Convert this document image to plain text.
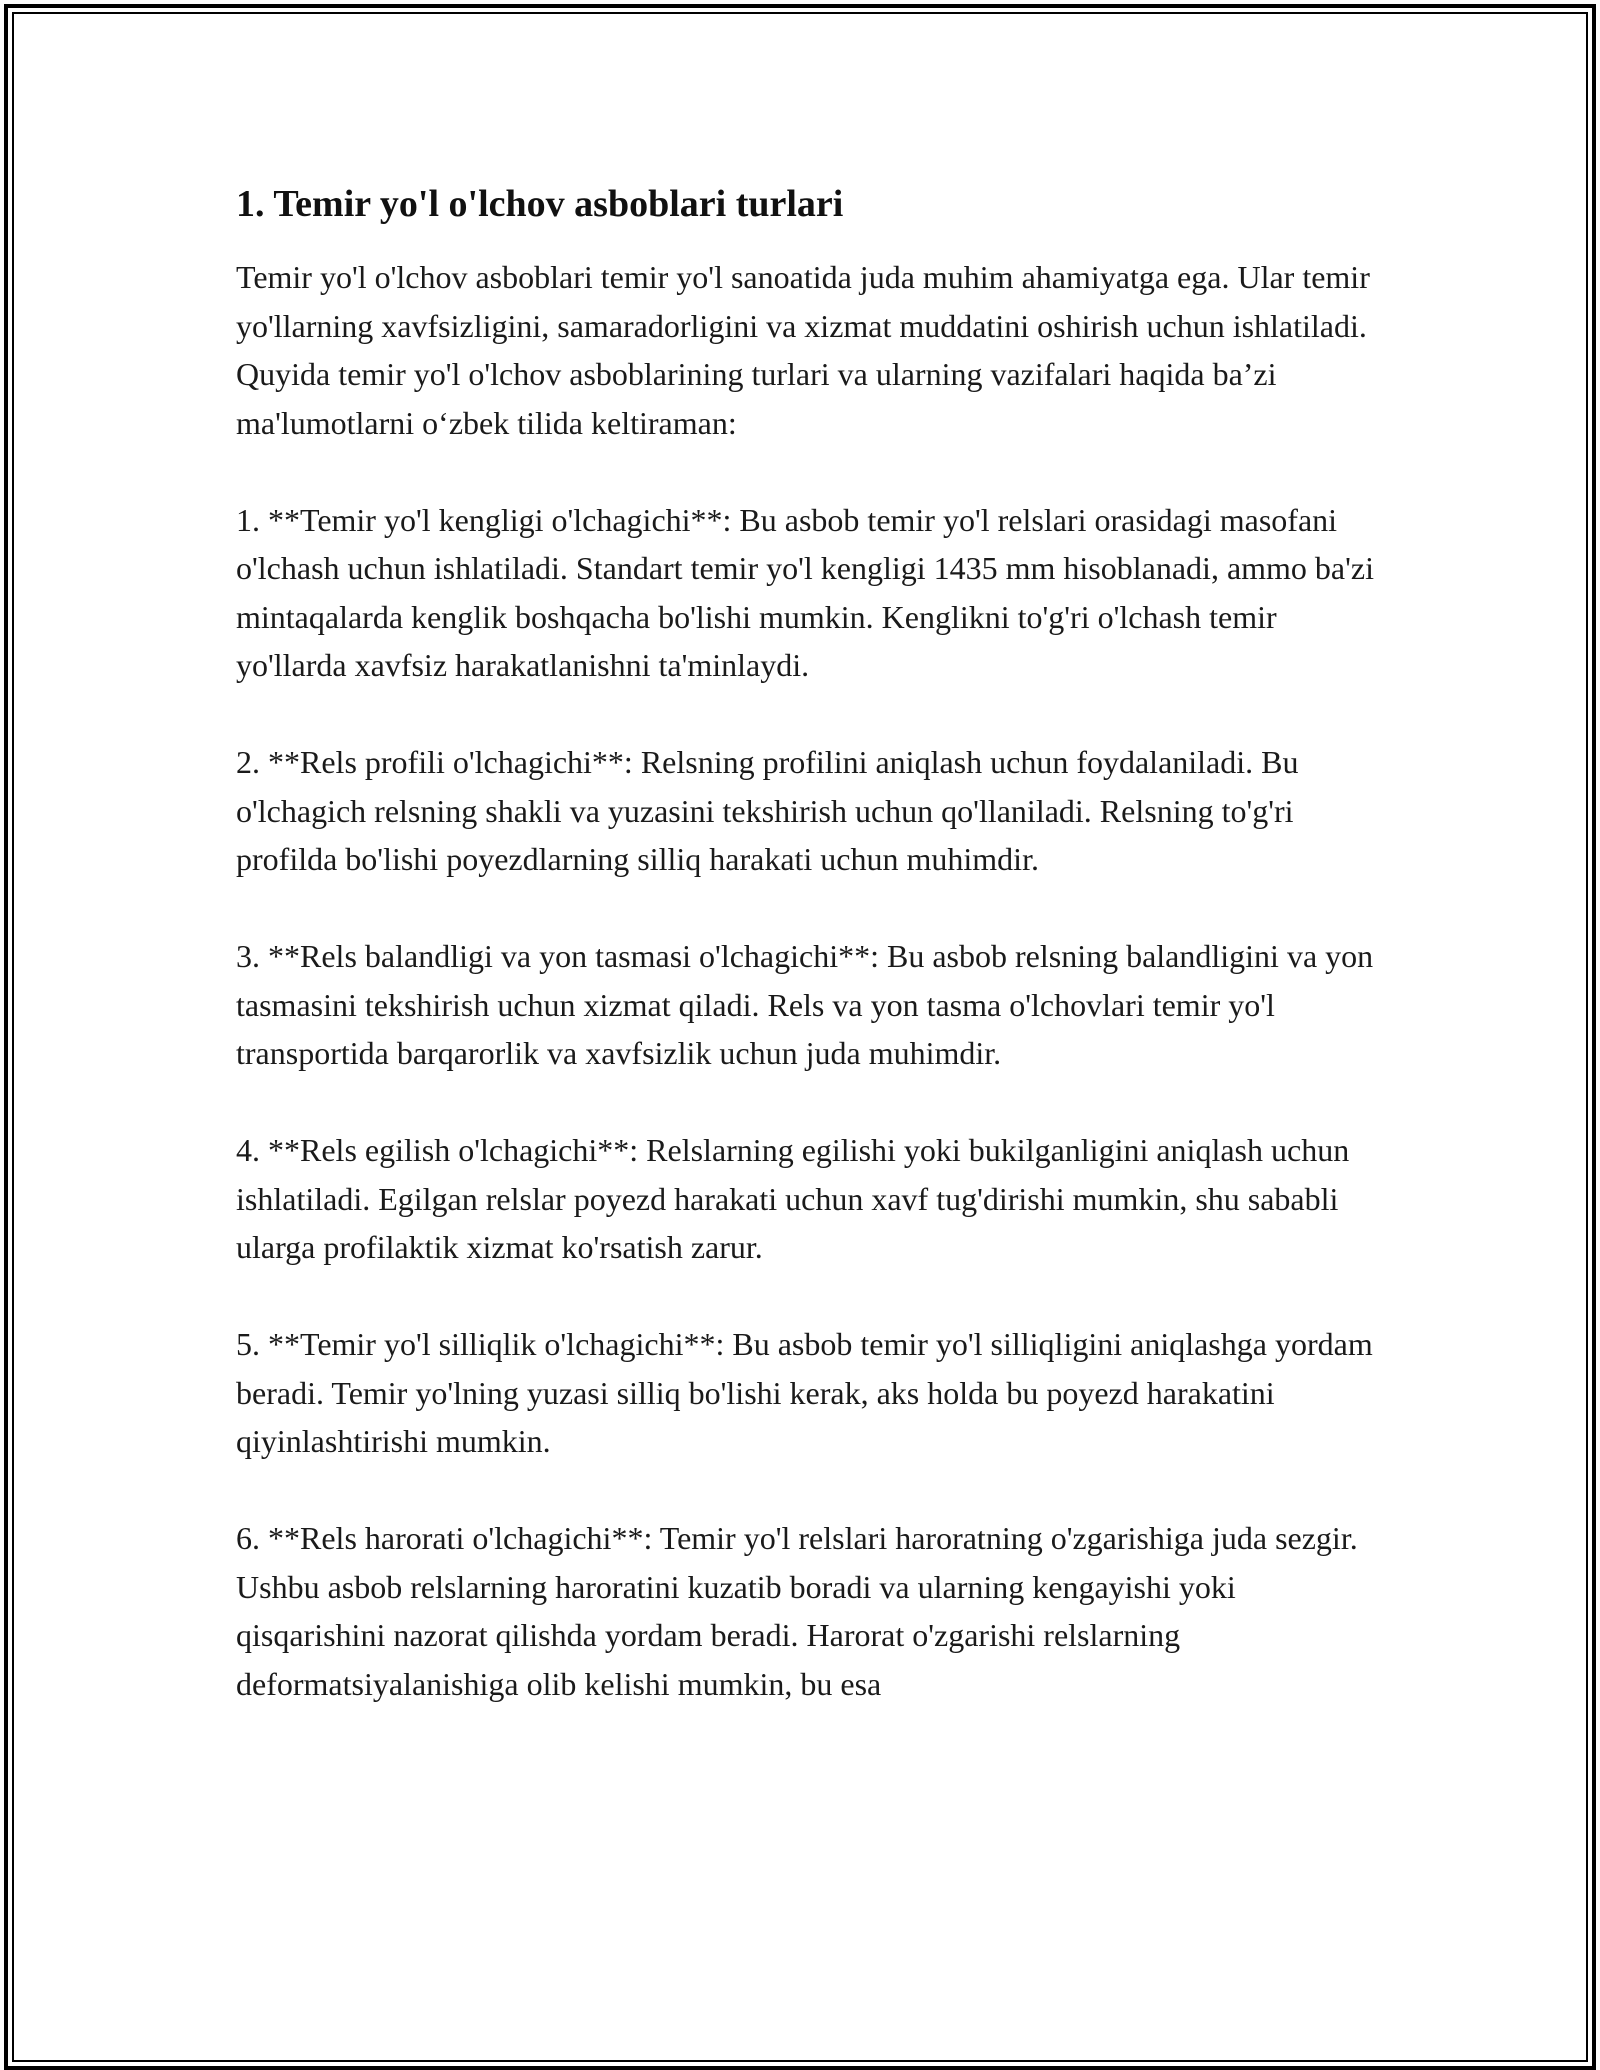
1. Temir yo'l o'lchov asboblari turlari

Temir yo'l o'lchov asboblari temir yo'l sanoatida juda muhim ahamiyatga ega. Ular temir yo'llarning xavfsizligini, samaradorligini va xizmat muddatini oshirish uchun ishlatiladi. Quyida temir yo'l o'lchov asboblarining turlari va ularning vazifalari haqida ba’zi ma'lumotlarni o‘zbek tilida keltiraman:

1. **Temir yo'l kengligi o'lchagichi**: Bu asbob temir yo'l relslari orasidagi masofani o'lchash uchun ishlatiladi. Standart temir yo'l kengligi 1435 mm hisoblanadi, ammo ba'zi mintaqalarda kenglik boshqacha bo'lishi mumkin. Kenglikni to'g'ri o'lchash temir yo'llarda xavfsiz harakatlanishni ta'minlaydi.

2. **Rels profili o'lchagichi**: Relsning profilini aniqlash uchun foydalaniladi. Bu o'lchagich relsning shakli va yuzasini tekshirish uchun qo'llaniladi. Relsning to'g'ri profilda bo'lishi poyezdlarning silliq harakati uchun muhimdir.

3. **Rels balandligi va yon tasmasi o'lchagichi**: Bu asbob relsning balandligini va yon tasmasini tekshirish uchun xizmat qiladi. Rels va yon tasma o'lchovlari temir yo'l transportida barqarorlik va xavfsizlik uchun juda muhimdir.

4. **Rels egilish o'lchagichi**: Relslarning egilishi yoki bukilganligini aniqlash uchun ishlatiladi. Egilgan relslar poyezd harakati uchun xavf tug'dirishi mumkin, shu sababli ularga profilaktik xizmat ko'rsatish zarur.

5. **Temir yo'l silliqlik o'lchagichi**: Bu asbob temir yo'l silliqligini aniqlashga yordam beradi. Temir yo'lning yuzasi silliq bo'lishi kerak, aks holda bu poyezd harakatini qiyinlashtirishi mumkin.

6. **Rels harorati o'lchagichi**: Temir yo'l relslari haroratning o'zgarishiga juda sezgir. Ushbu asbob relslarning haroratini kuzatib boradi va ularning kengayishi yoki qisqarishini nazorat qilishda yordam beradi. Harorat o'zgarishi relslarning deformatsiyalanishiga olib kelishi mumkin, bu esa
